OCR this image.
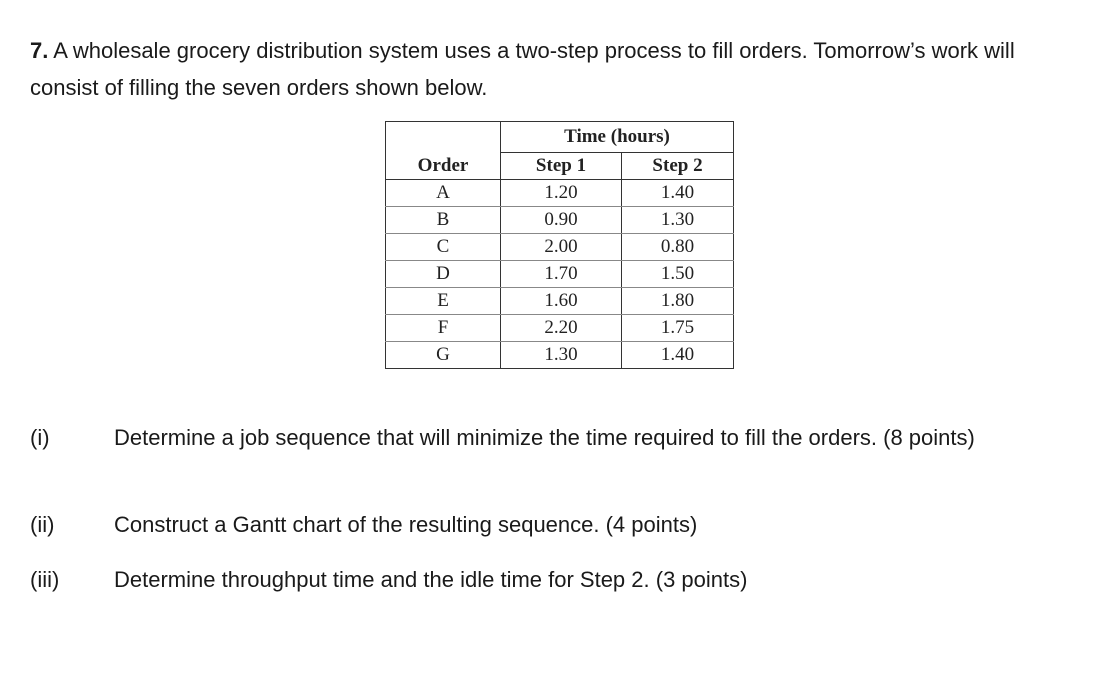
7. A wholesale grocery distribution system uses a two-step process to fill orders. Tomorrow’s work will consist of filling the seven orders shown below.

	Time (hours)	
Order	Step 1	Step 2
A	1.20	1.40
B	0.90	1.30
C	2.00	0.80
D	1.70	1.50
E	1.60	1.80
F	2.20	1.75
G	1.30	1.40

(i)	Determine a job sequence that will minimize the time required to fill the orders. (8 points)

(ii)	Construct a Gantt chart of the resulting sequence. (4 points)

(iii) Determine throughput time and the idle time for Step 2. (3 points)
